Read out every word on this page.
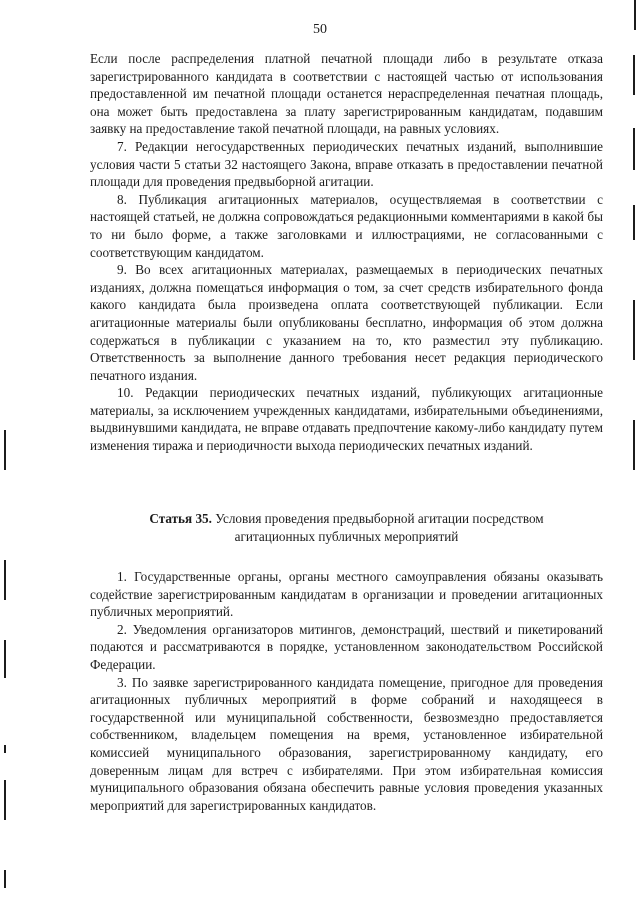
50

Если после распределения платной печатной площади либо в результате отказа зарегистрированного кандидата в соответствии с настоящей частью от использования предоставленной им печатной площади останется нераспределенная печатная площадь, она может быть предоставлена за плату зарегистрированным кандидатам, подавшим заявку на предоставление такой печатной площади, на равных условиях.

7. Редакции негосударственных периодических печатных изданий, выполнившие условия части 5 статьи 32 настоящего Закона, вправе отказать в предоставлении печатной площади для проведения предвыборной агитации.

8. Публикация агитационных материалов, осуществляемая в соответствии с настоящей статьей, не должна сопровождаться редакционными комментариями в какой бы то ни было форме, а также заголовками и иллюстрациями, не согласованными с соответствующим кандидатом.

9. Во всех агитационных материалах, размещаемых в периодических печатных изданиях, должна помещаться информация о том, за счет средств избирательного фонда какого кандидата была произведена оплата соответствующей публикации. Если агитационные материалы были опубликованы бесплатно, информация об этом должна содержаться в публикации с указанием на то, кто разместил эту публикацию. Ответственность за выполнение данного требования несет редакция периодического печатного издания.

10. Редакции периодических печатных изданий, публикующих агитационные материалы, за исключением учрежденных кандидатами, избирательными объединениями, выдвинувшими кандидата, не вправе отдавать предпочтение какому-либо кандидату путем изменения тиража и периодичности выхода периодических печатных изданий.

Статья 35. Условия проведения предвыборной агитации посредством агитационных публичных мероприятий

1. Государственные органы, органы местного самоуправления обязаны оказывать содействие зарегистрированным кандидатам в организации и проведении агитационных публичных мероприятий.

2. Уведомления организаторов митингов, демонстраций, шествий и пикетирований подаются и рассматриваются в порядке, установленном законодательством Российской Федерации.

3. По заявке зарегистрированного кандидата помещение, пригодное для проведения агитационных публичных мероприятий в форме собраний и находящееся в государственной или муниципальной собственности, безвозмездно предоставляется собственником, владельцем помещения на время, установленное избирательной комиссией муниципального образования, зарегистрированному кандидату, его доверенным лицам для встреч с избирателями. При этом избирательная комиссия муниципального образования обязана обеспечить равные условия проведения указанных мероприятий для зарегистрированных кандидатов.
